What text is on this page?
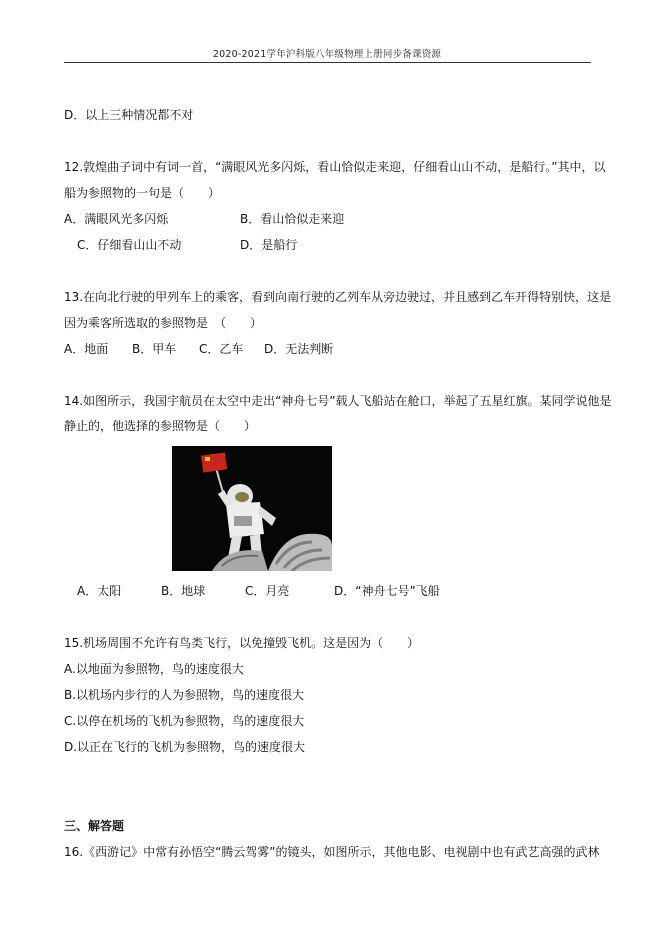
2020-2021学年沪科版八年级物理上册同步备课资源
D．以上三种情况都不对
12.敦煌曲子词中有词一首，“满眼风光多闪烁，看山恰似走来迎，仔细看山山不动，是船行。”其中，以
船为参照物的一句是（　　）
A．满眼风光多闪烁	B．看山恰似走来迎
C．仔细看山山不动	D．是船行
13.在向北行驶的甲列车上的乘客，看到向南行驶的乙列车从旁边驶过，并且感到乙车开得特别快，这是
因为乘客所选取的参照物是　（　　）
A．地面 B．甲车 C．乙车 D．无法判断
14.如图所示，我国宇航员在太空中走出“神舟七号”载人飞船站在舱口，举起了五星红旗。某同学说他是
静止的，他选择的参照物是（　　）
A．太阳	B．地球	C．月亮	D．“神舟七号”飞船
15.机场周围不允许有鸟类飞行，以免撞毁飞机。这是因为（　　）
A.以地面为参照物，鸟的速度很大
B.以机场内步行的人为参照物，鸟的速度很大
C.以停在机场的飞机为参照物，鸟的速度很大
D.以正在飞行的飞机为参照物，鸟的速度很大
三、解答题
16.《西游记》中常有孙悟空“腾云驾雾”的镜头，如图所示，其他电影、电视剧中也有武艺高强的武林
